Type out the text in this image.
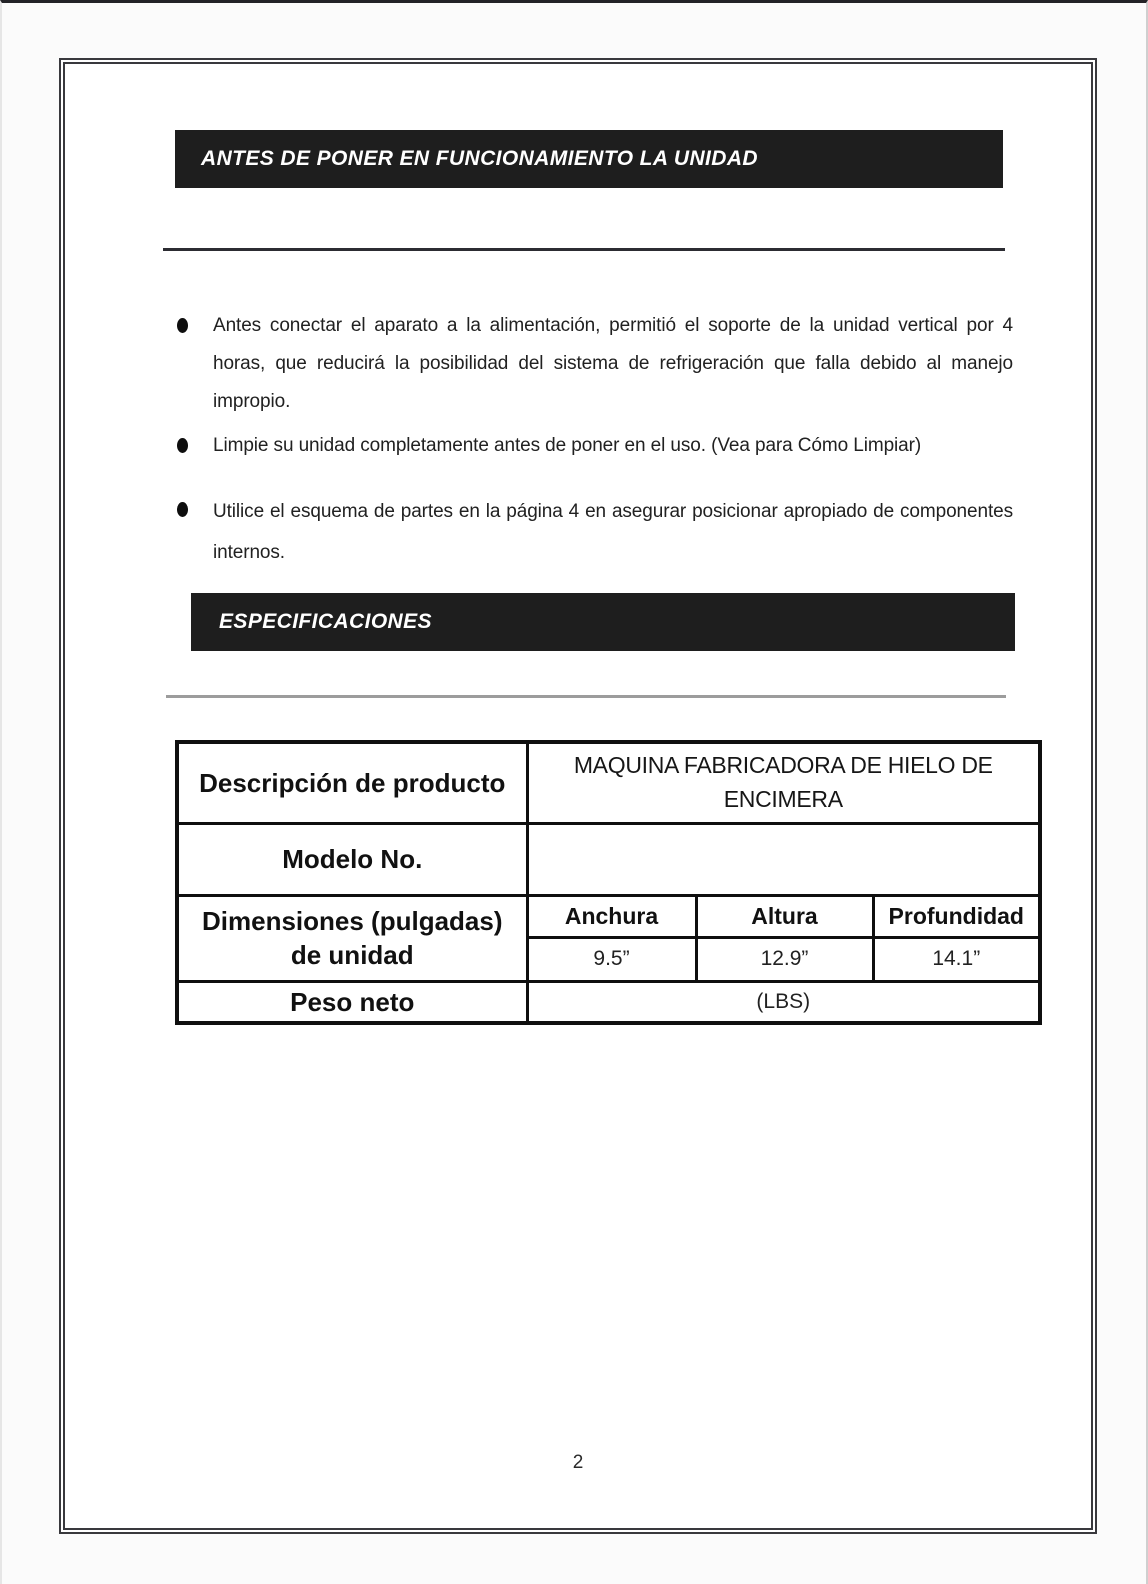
ANTES DE PONER EN FUNCIONAMIENTO LA UNIDAD
Antes conectar el aparato a la alimentación, permitió el soporte de la unidad vertical por 4 horas, que reducirá la posibilidad del sistema de refrigeración que falla debido al manejo impropio.
Limpie su unidad completamente antes de poner en el uso. (Vea para Cómo Limpiar)
Utilice el esquema de partes en la página 4 en asegurar posicionar apropiado de componentes internos.
ESPECIFICACIONES
Descripción de producto	MAQUINA FABRICADORA DE HIELO DE ENCIMERA		
Modelo No.			
Dimensiones (pulgadas) de unidad	Anchura	Altura	Profundidad
	9.5”	12.9”	14.1”
Peso neto	(LBS)		
2
